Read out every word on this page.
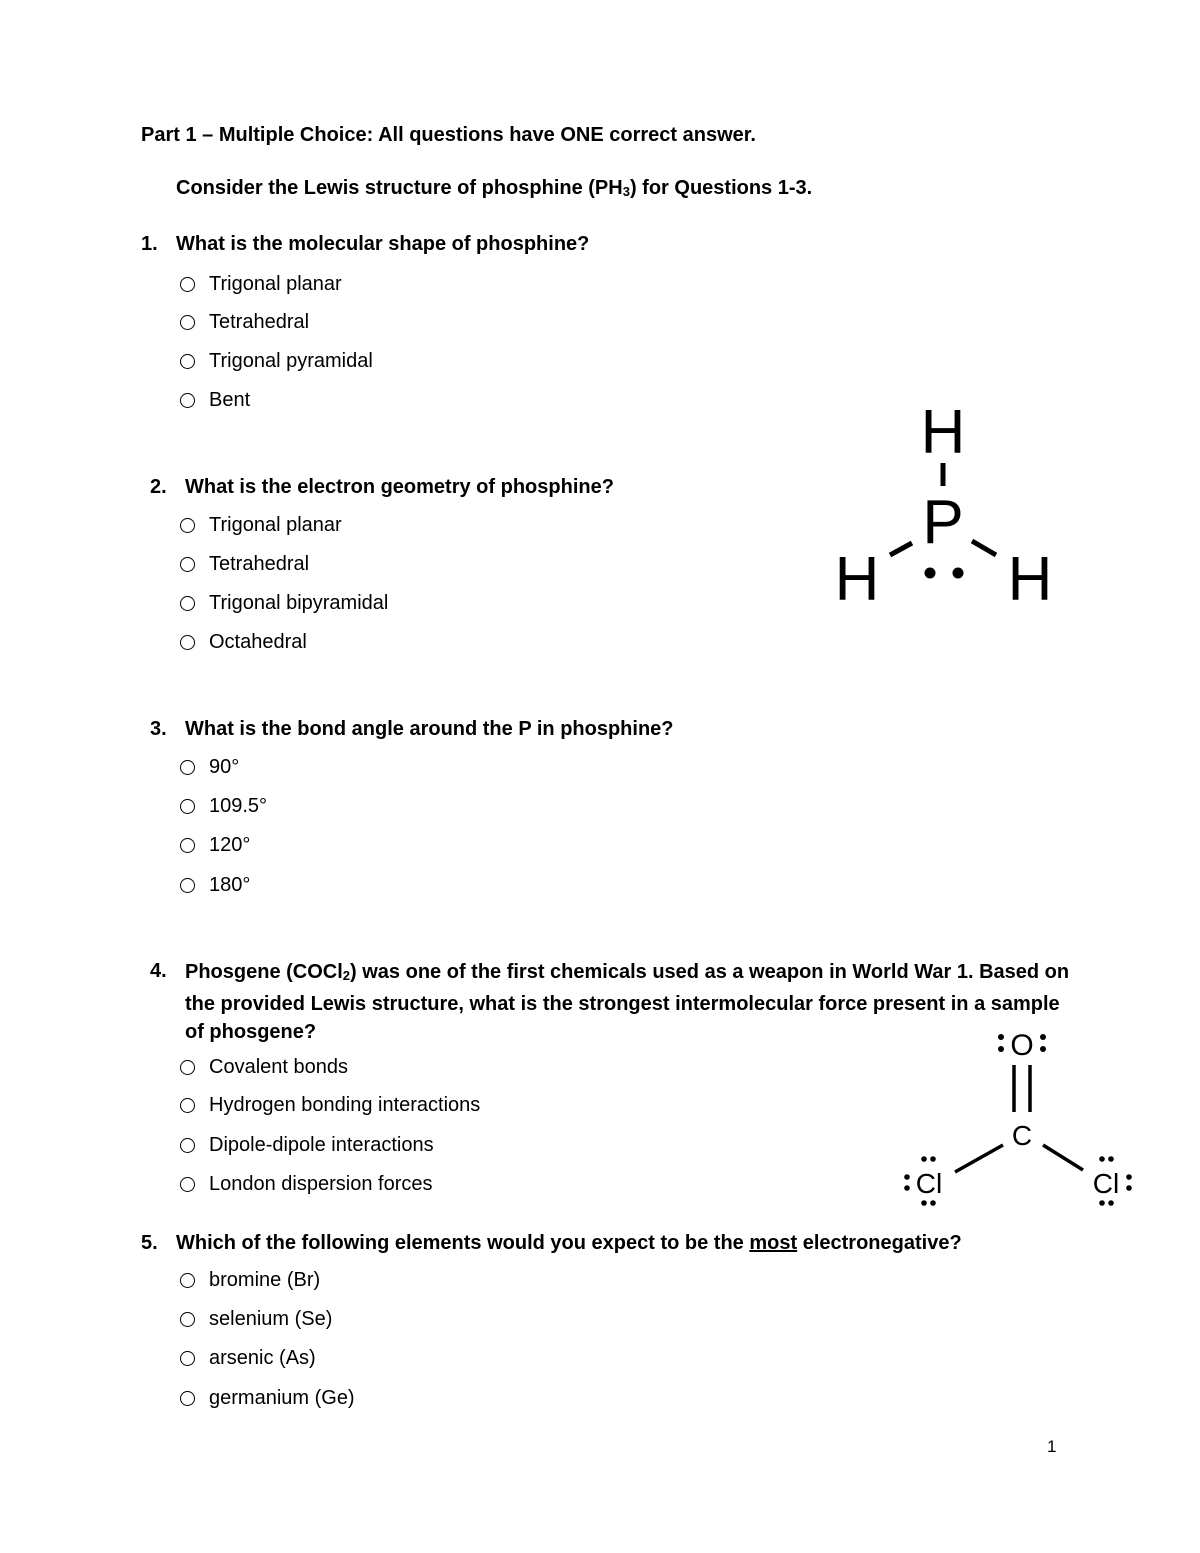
Part 1 – Multiple Choice: All questions have ONE correct answer.
Consider the Lewis structure of phosphine (PH3) for Questions 1-3.
1. What is the molecular shape of phosphine?
Trigonal planar
Tetrahedral
Trigonal pyramidal
Bent
2. What is the electron geometry of phosphine?
Trigonal planar
Tetrahedral
Trigonal bipyramidal
Octahedral
H
P
H H
3. What is the bond angle around the P in phosphine?
90°
109.5°
120°
180°
4. Phosgene (COCl2) was one of the first chemicals used as a weapon in World War 1. Based on the provided Lewis structure, what is the strongest intermolecular force present in a sample of phosgene?
Covalent bonds
Hydrogen bonding interactions
Dipole-dipole interactions
London dispersion forces
O
C
Cl	Cl
5. Which of the following elements would you expect to be the most electronegative?
bromine (Br)
selenium (Se)
arsenic (As)
germanium (Ge)
1
